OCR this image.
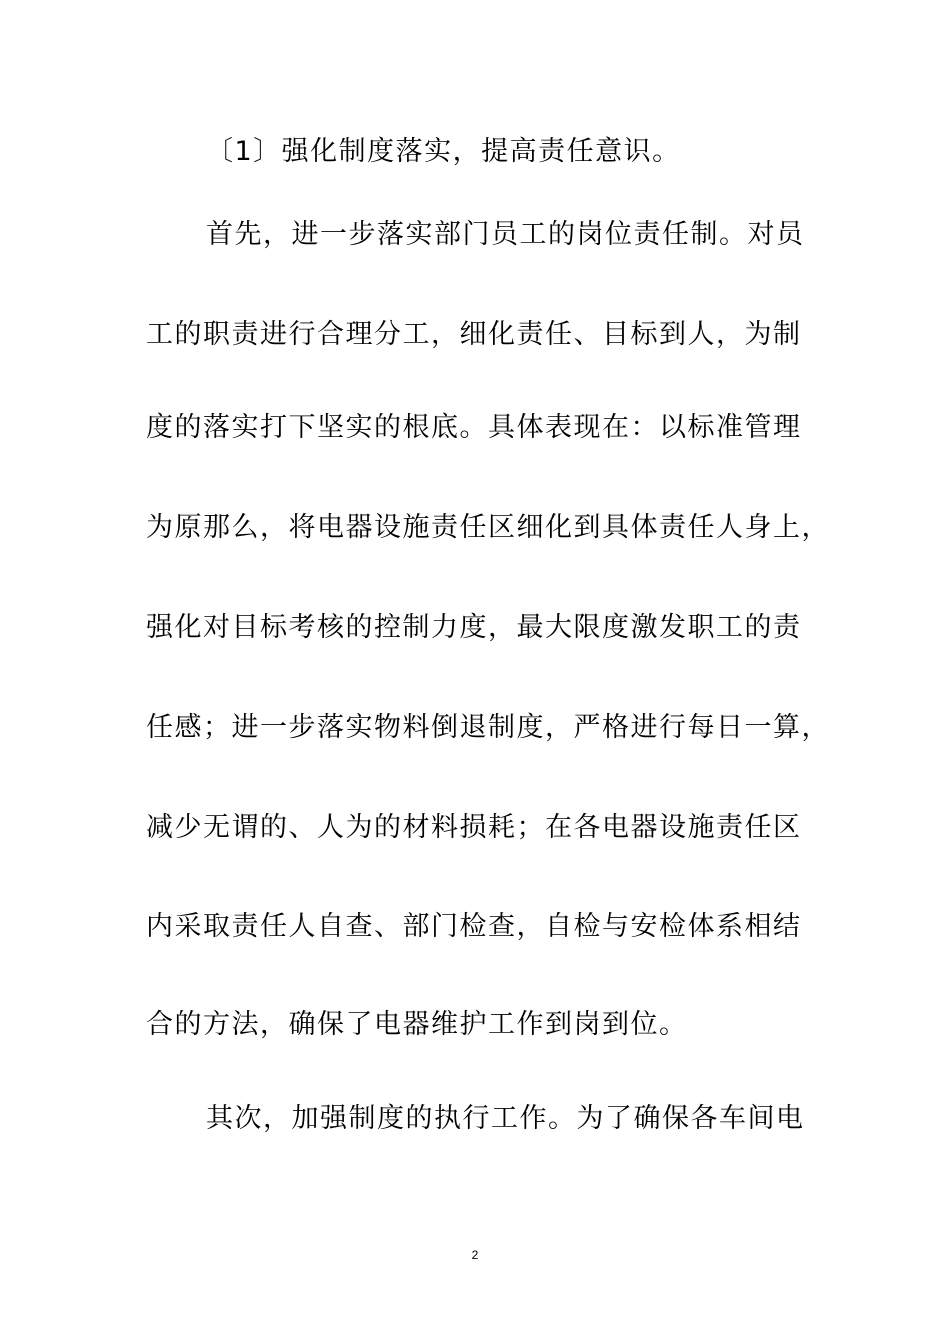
〔1〕强化制度落实，提高责任意识。
首先，进一步落实部门员工的岗位责任制。对员
工的职责进行合理分工，细化责任、目标到人，为制
度的落实打下坚实的根底。具体表现在：以标准管理
为原那么，将电器设施责任区细化到具体责任人身上，
强化对目标考核的控制力度，最大限度激发职工的责
任感；进一步落实物料倒退制度，严格进行每日一算，
减少无谓的、人为的材料损耗；在各电器设施责任区
内采取责任人自查、部门检查，自检与安检体系相结
合的方法，确保了电器维护工作到岗到位。
其次，加强制度的执行工作。为了确保各车间电
2
